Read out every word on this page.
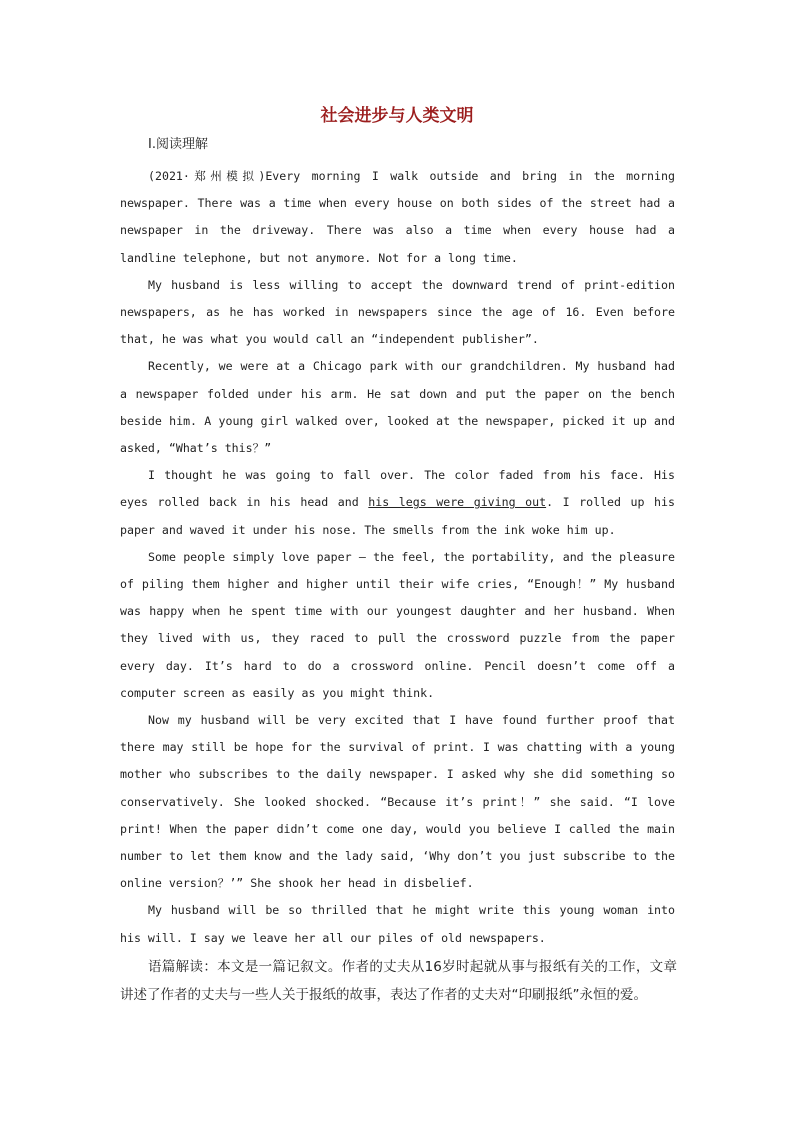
社会进步与人类文明
Ⅰ.阅读理解

(2021·郑州模拟)Every morning I walk outside and bring in the morning newspaper. There was a time when every house on both sides of the street had a newspaper in the driveway. There was also a time when every house had a landline telephone, but not anymore. Not for a long time.

My husband is less willing to accept the downward trend of print-edition newspapers, as he has worked in newspapers since the age of 16. Even before that, he was what you would call an “independent publisher”.

Recently, we were at a Chicago park with our grandchildren. My husband had a newspaper folded under his arm. He sat down and put the paper on the bench beside him. A young girl walked over, looked at the newspaper, picked it up and asked, “What’s this？”

I thought he was going to fall over. The color faded from his face. His eyes rolled back in his head and his legs were giving out. I rolled up his paper and waved it under his nose. The smells from the ink woke him up.

Some people simply love paper — the feel, the portability, and the pleasure of piling them higher and higher until their wife cries, “Enough！” My husband was happy when he spent time with our youngest daughter and her husband. When they lived with us, they raced to pull the crossword puzzle from the paper every day. It’s hard to do a crossword online. Pencil doesn’t come off a computer screen as easily as you might think.

Now my husband will be very excited that I have found further proof that there may still be hope for the survival of print. I was chatting with a young mother who subscribes to the daily newspaper. I asked why she did something so conservatively. She looked shocked. “Because it’s print！” she said. “I love print! When the paper didn’t come one day, would you believe I called the main number to let them know and the lady said, ‘Why don’t you just subscribe to the online version？’” She shook her head in disbelief.

My husband will be so thrilled that he might write this young woman into his will. I say we leave her all our piles of old newspapers.

语篇解读：本文是一篇记叙文。作者的丈夫从16岁时起就从事与报纸有关的工作，文章讲述了作者的丈夫与一些人关于报纸的故事，表达了作者的丈夫对“印刷报纸”永恒的爱。
